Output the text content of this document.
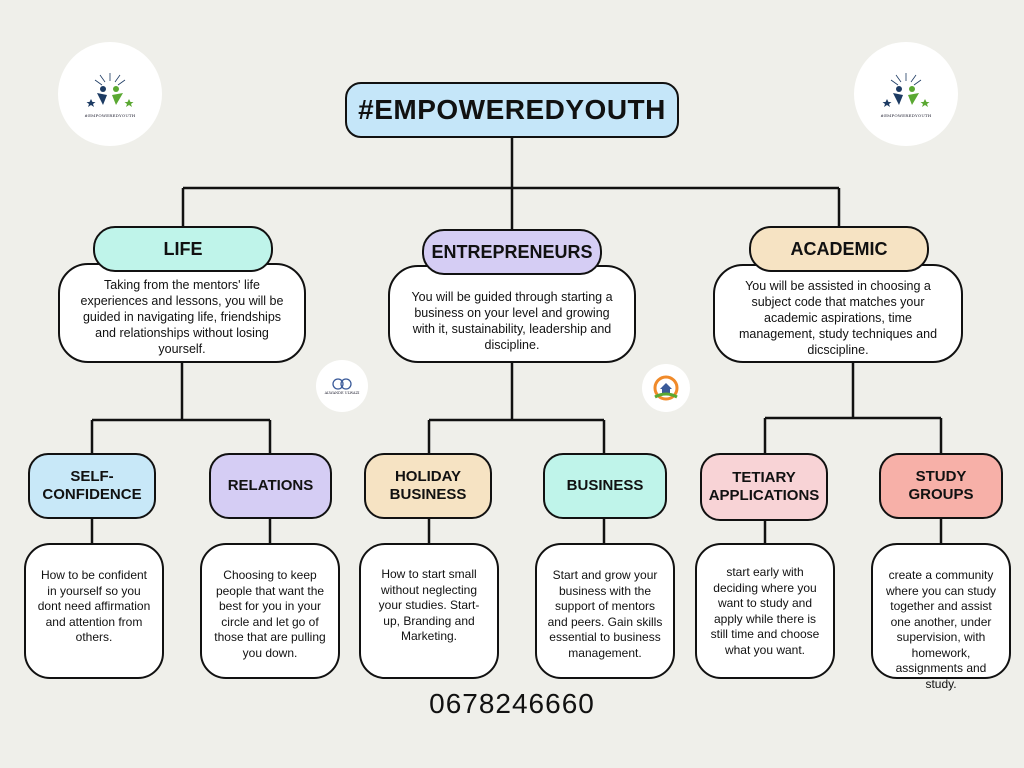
#EMPOWEREDYOUTH	#EMPOWEREDYOUTH
ALWANDE ULWAZI
#EMPOWEREDYOUTH
Taking from the mentors' life experiences and lessons, you will be guided in navigating life, friendships and relationships without losing yourself.
You will be guided through starting a business on your level and growing with it, sustainability, leadership and discipline.
You will be assisted in choosing a subject code that matches your academic aspirations, time management, study techniques and dicscipline.
LIFE	ENTREPRENEURS	ACADEMIC
SELF-CONFIDENCE
RELATIONS
HOLIDAY BUSINESS
BUSINESS	TETIARY APPLICATIONS
STUDY GROUPS
How to be confident in yourself so you dont need affirmation and attention from others.
Choosing to keep people that want the best for you in your circle and let go of those that are pulling you down.
How to start small without neglecting your studies. Start-up, Branding and Marketing.
Start and grow your business with the support of mentors and peers. Gain skills essential to business management.
start early with deciding where you want to study and apply while there is still time and choose what you want.
create a community where you can study together and assist one another, under supervision, with homework, assignments and study.
0678246660
